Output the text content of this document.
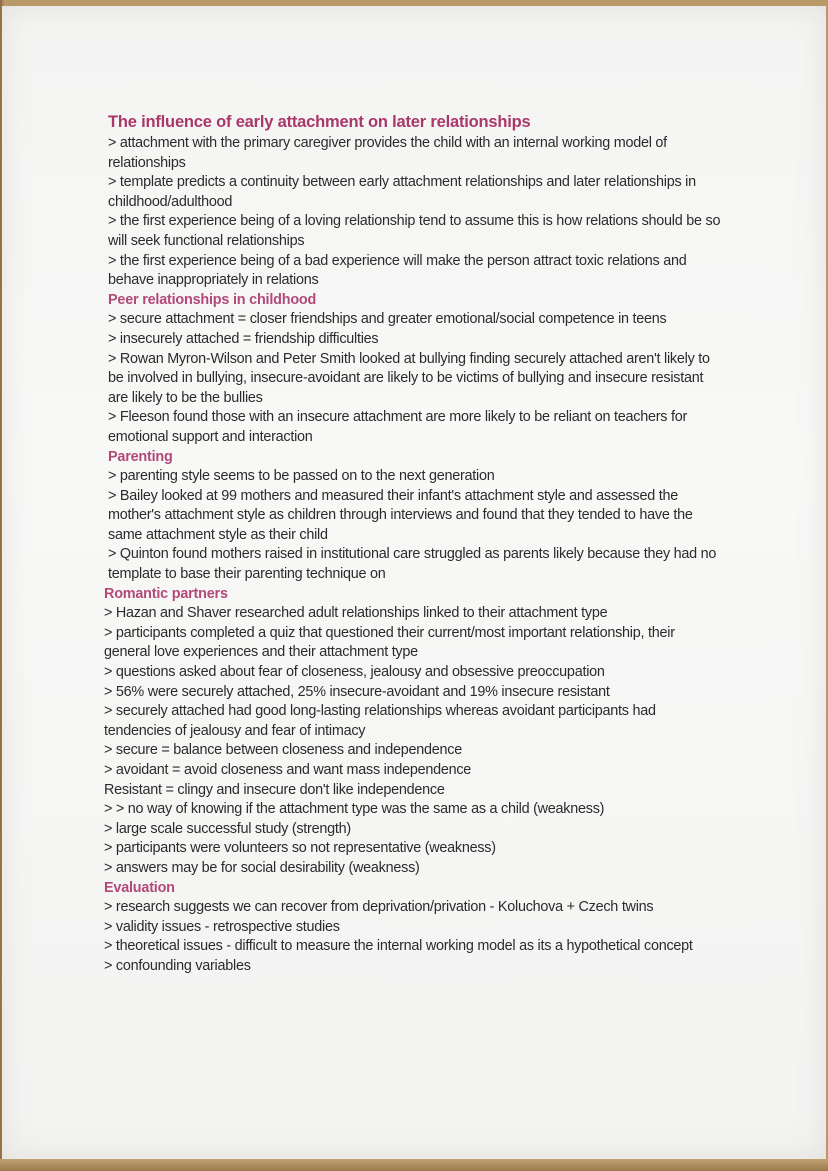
The influence of early attachment on later relationships

> attachment with the primary caregiver provides the child with an internal working model of relationships

> template predicts a continuity between early attachment relationships and later relationships in childhood/adulthood

> the first experience being of a loving relationship tend to assume this is how relations should be so will seek functional relationships

> the first experience being of a bad experience will make the person attract toxic relations and behave inappropriately in relations

Peer relationships in childhood

> secure attachment = closer friendships and greater emotional/social competence in teens

> insecurely attached = friendship difficulties

> Rowan Myron-Wilson and Peter Smith looked at bullying finding securely attached aren't likely to be involved in bullying, insecure-avoidant are likely to be victims of bullying and insecure resistant are likely to be the bullies

> Fleeson found those with an insecure attachment are more likely to be reliant on teachers for emotional support and interaction

Parenting

> parenting style seems to be passed on to the next generation

> Bailey looked at 99 mothers and measured their infant's attachment style and assessed the mother's attachment style as children through interviews and found that they tended to have the same attachment style as their child

> Quinton found mothers raised in institutional care struggled as parents likely because they had no template to base their parenting technique on

Romantic partners

> Hazan and Shaver researched adult relationships linked to their attachment type

> participants completed a quiz that questioned their current/most important relationship, their general love experiences and their attachment type

> questions asked about fear of closeness, jealousy and obsessive preoccupation

> 56% were securely attached, 25% insecure-avoidant and 19% insecure resistant

> securely attached had good long-lasting relationships whereas avoidant participants had tendencies of jealousy and fear of intimacy

> secure = balance between closeness and independence

> avoidant = avoid closeness and want mass independence

Resistant = clingy and insecure don't like independence

> > no way of knowing if the attachment type was the same as a child (weakness)

> large scale successful study (strength)

> participants were volunteers so not representative (weakness)

> answers may be for social desirability (weakness)

Evaluation

> research suggests we can recover from deprivation/privation - Koluchova + Czech twins

> validity issues - retrospective studies

> theoretical issues - difficult to measure the internal working model as its a hypothetical concept

> confounding variables
